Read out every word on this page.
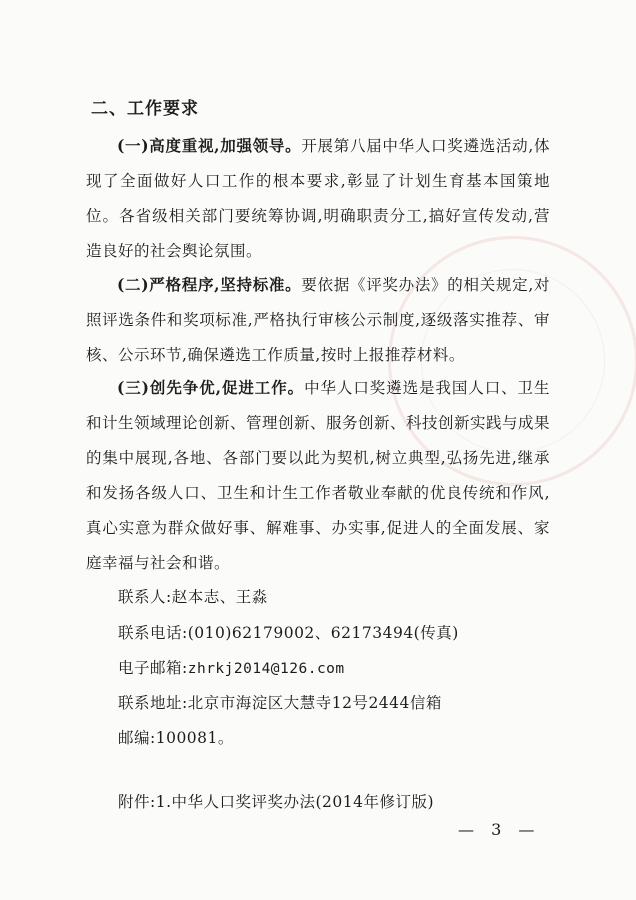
二、工作要求
(一)高度重视,加强领导。开展第八届中华人口奖遴选活动,体现了全面做好人口工作的根本要求,彰显了计划生育基本国策地位。各省级相关部门要统筹协调,明确职责分工,搞好宣传发动,营造良好的社会舆论氛围。
(二)严格程序,坚持标准。要依据《评奖办法》的相关规定,对照评选条件和奖项标准,严格执行审核公示制度,逐级落实推荐、审核、公示环节,确保遴选工作质量,按时上报推荐材料。
(三)创先争优,促进工作。中华人口奖遴选是我国人口、卫生和计生领域理论创新、管理创新、服务创新、科技创新实践与成果的集中展现,各地、各部门要以此为契机,树立典型,弘扬先进,继承和发扬各级人口、卫生和计生工作者敬业奉献的优良传统和作风,真心实意为群众做好事、解难事、办实事,促进人的全面发展、家庭幸福与社会和谐。
联系人:赵本志、王淼
联系电话:(010)62179002、62173494(传真)
电子邮箱:zhrkj2014@126.com
联系地址:北京市海淀区大慧寺12号2444信箱
邮编:100081。
附件:1.中华人口奖评奖办法(2014年修订版)
— 3 —
